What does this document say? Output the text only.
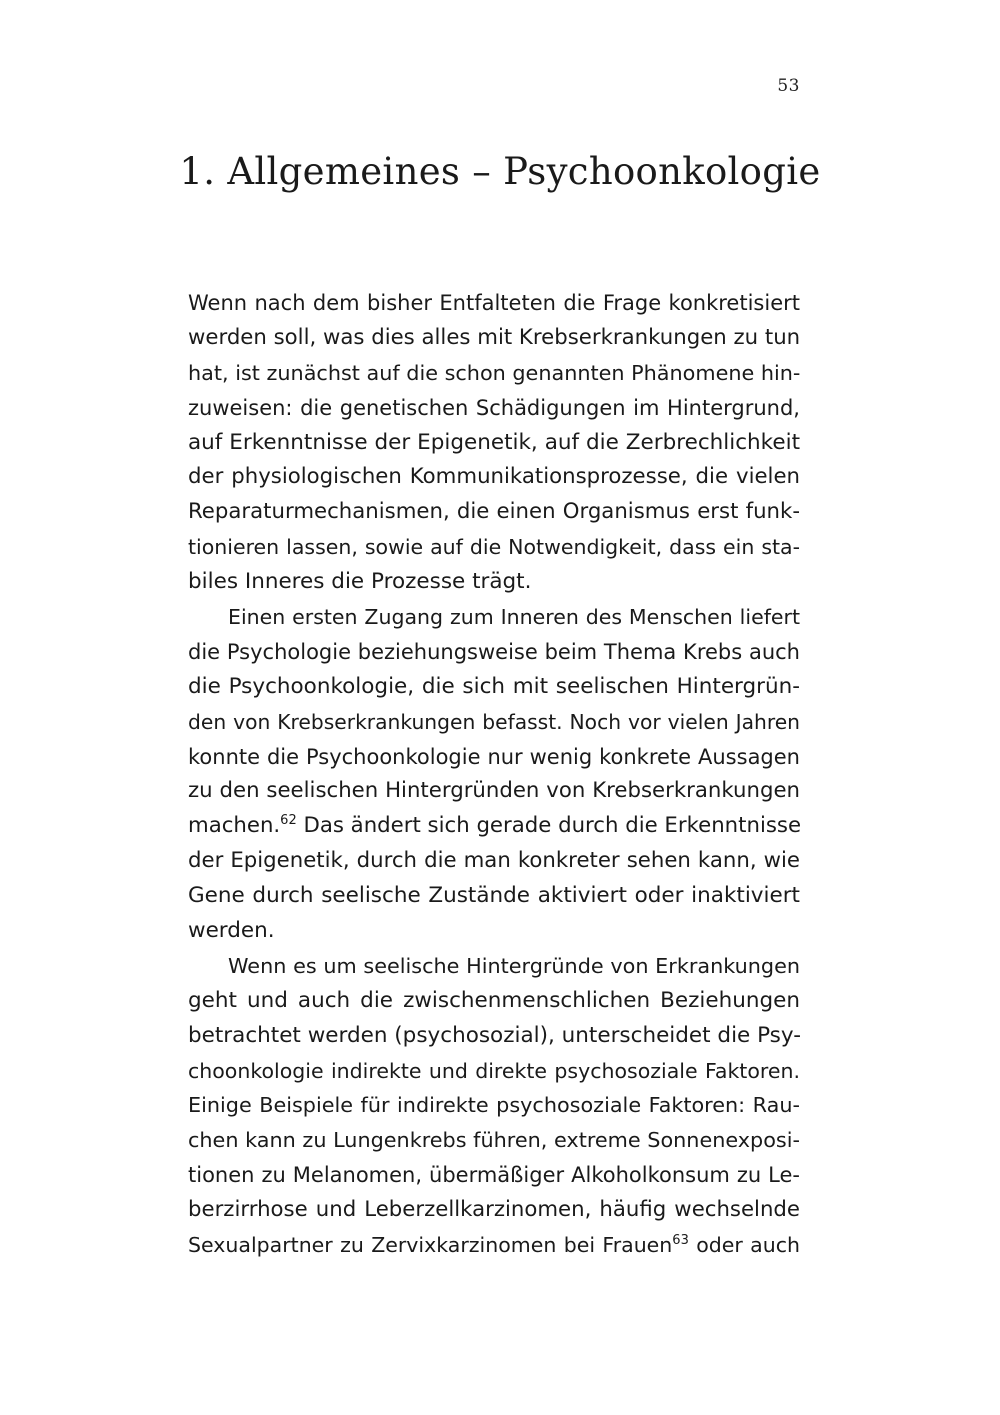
53
1. Allgemeines – Psychoonkologie
Wenn nach dem bisher Entfalteten die Frage konkretisiert
werden soll, was dies alles mit Krebserkrankungen zu tun
hat, ist zunächst auf die schon genannten Phänomene hin-
zuweisen: die genetischen Schädigungen im Hintergrund,
auf Erkenntnisse der Epigenetik, auf die Zerbrechlichkeit
der physiologischen Kommunikationsprozesse, die vielen
Reparaturmechanismen, die einen Organismus erst funk-
tionieren lassen, sowie auf die Notwendigkeit, dass ein sta-
biles Inneres die Prozesse trägt.
Einen ersten Zugang zum Inneren des Menschen liefert
die Psychologie beziehungsweise beim Thema Krebs auch
die Psychoonkologie, die sich mit seelischen Hintergrün-
den von Krebserkrankungen befasst. Noch vor vielen Jahren
konnte die Psychoonkologie nur wenig konkrete Aussagen
zu den seelischen Hintergründen von Krebserkrankungen
machen.$^{62}$ Das ändert sich gerade durch die Erkenntnisse
der Epigenetik, durch die man konkreter sehen kann, wie
Gene durch seelische Zustände aktiviert oder inaktiviert
werden.
Wenn es um seelische Hintergründe von Erkrankungen
geht und auch die zwischenmenschlichen Beziehungen
betrachtet werden (psychosozial), unterscheidet die Psy-
choonkologie indirekte und direkte psychosoziale Faktoren.
Einige Beispiele für indirekte psychosoziale Faktoren: Rau-
chen kann zu Lungenkrebs führen, extreme Sonnenexposi-
tionen zu Melanomen, übermäßiger Alkoholkonsum zu Le-
berzirrhose und Leberzellkarzinomen, häufig wechselnde
Sexualpartner zu Zervixkarzinomen bei Frauen$^{63}$ oder auch
